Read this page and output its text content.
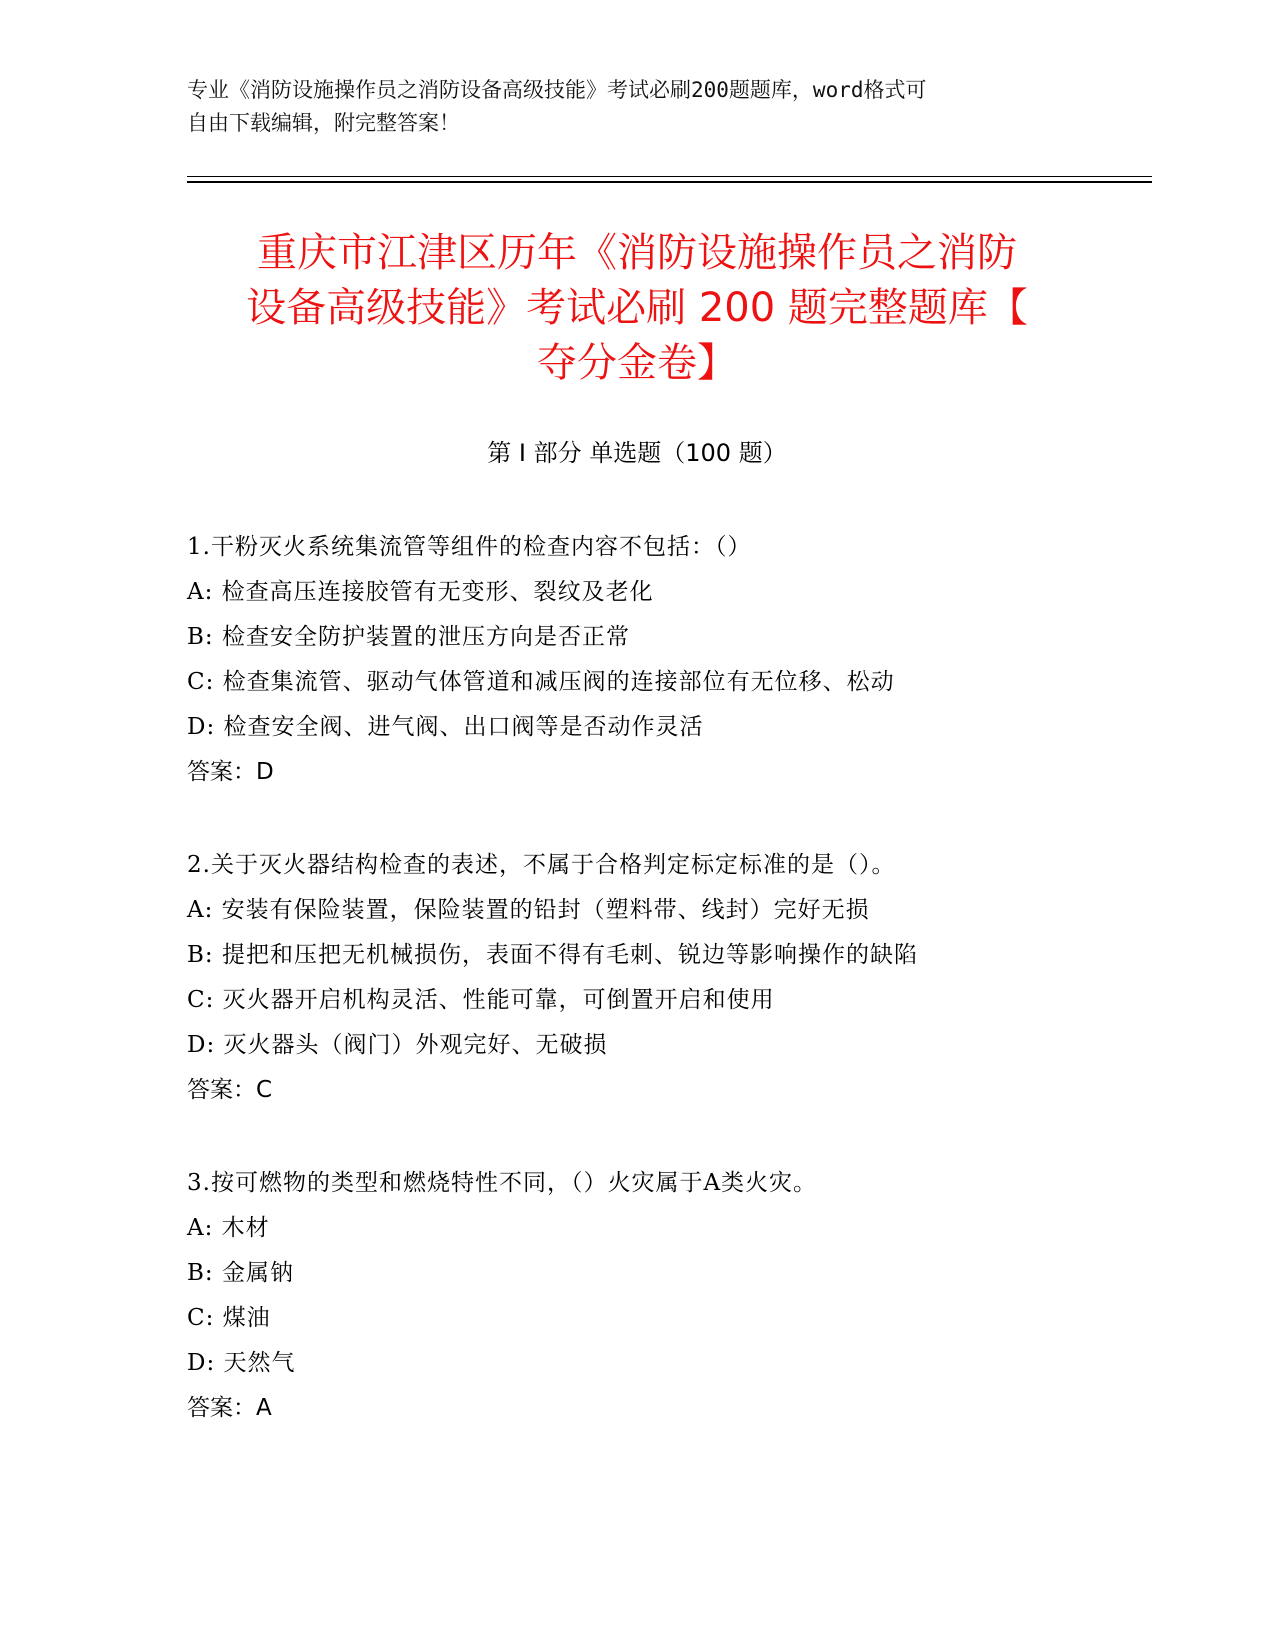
专业《消防设施操作员之消防设备高级技能》考试必刷200题题库，word格式可
自由下载编辑，附完整答案！
重庆市江津区历年《消防设施操作员之消防
设备高级技能》考试必刷 200 题完整题库【
夺分金卷】
第 I 部分 单选题（100 题）
1.干粉灭火系统集流管等组件的检查内容不包括：（）
A: 检查高压连接胶管有无变形、裂纹及老化
B: 检查安全防护装置的泄压方向是否正常
C: 检查集流管、驱动气体管道和减压阀的连接部位有无位移、松动
D: 检查安全阀、进气阀、出口阀等是否动作灵活
答案：D
2.关于灭火器结构检查的表述，不属于合格判定标定标准的是（）。
A: 安装有保险装置，保险装置的铅封（塑料带、线封）完好无损
B: 提把和压把无机械损伤，表面不得有毛刺、锐边等影响操作的缺陷
C: 灭火器开启机构灵活、性能可靠，可倒置开启和使用
D: 灭火器头（阀门）外观完好、无破损
答案：C
3.按可燃物的类型和燃烧特性不同，（）火灾属于A类火灾。
A: 木材
B: 金属钠
C: 煤油
D: 天然气
答案：A
